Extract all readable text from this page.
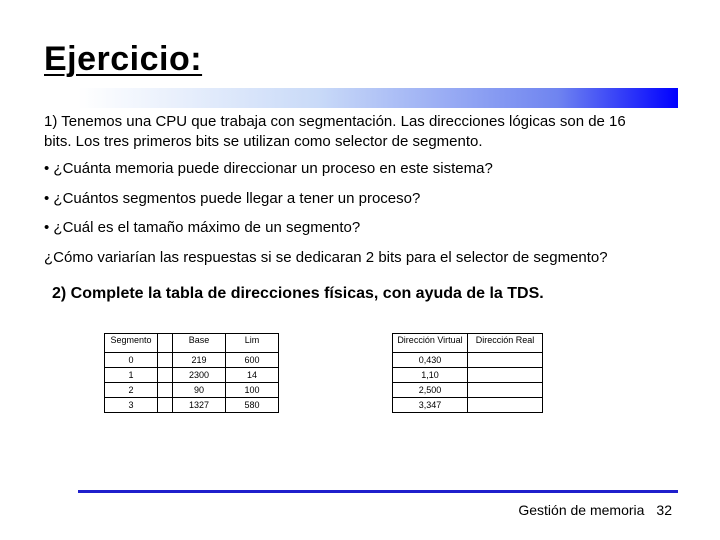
Ejercicio:
1) Tenemos una CPU que trabaja con segmentación. Las direcciones lógicas son de 16
bits. Los tres primeros bits se utilizan como selector de segmento.
• ¿Cuánta memoria puede direccionar un proceso en este sistema?
• ¿Cuántos segmentos puede llegar a tener un proceso?
• ¿Cuál es el tamaño máximo de un segmento?
¿Cómo variarían las respuestas si se dedicaran 2 bits para el selector de segmento?
2) Complete la tabla de direcciones físicas, con ayuda de la TDS.
Segmento		Base	Lim
0		219	600
1		2300	14
2		90	100
3		1327	580
Dirección Virtual	Dirección Real
0,430	
1,10	
2,500	
3,347	
Gestión de memoria 32
